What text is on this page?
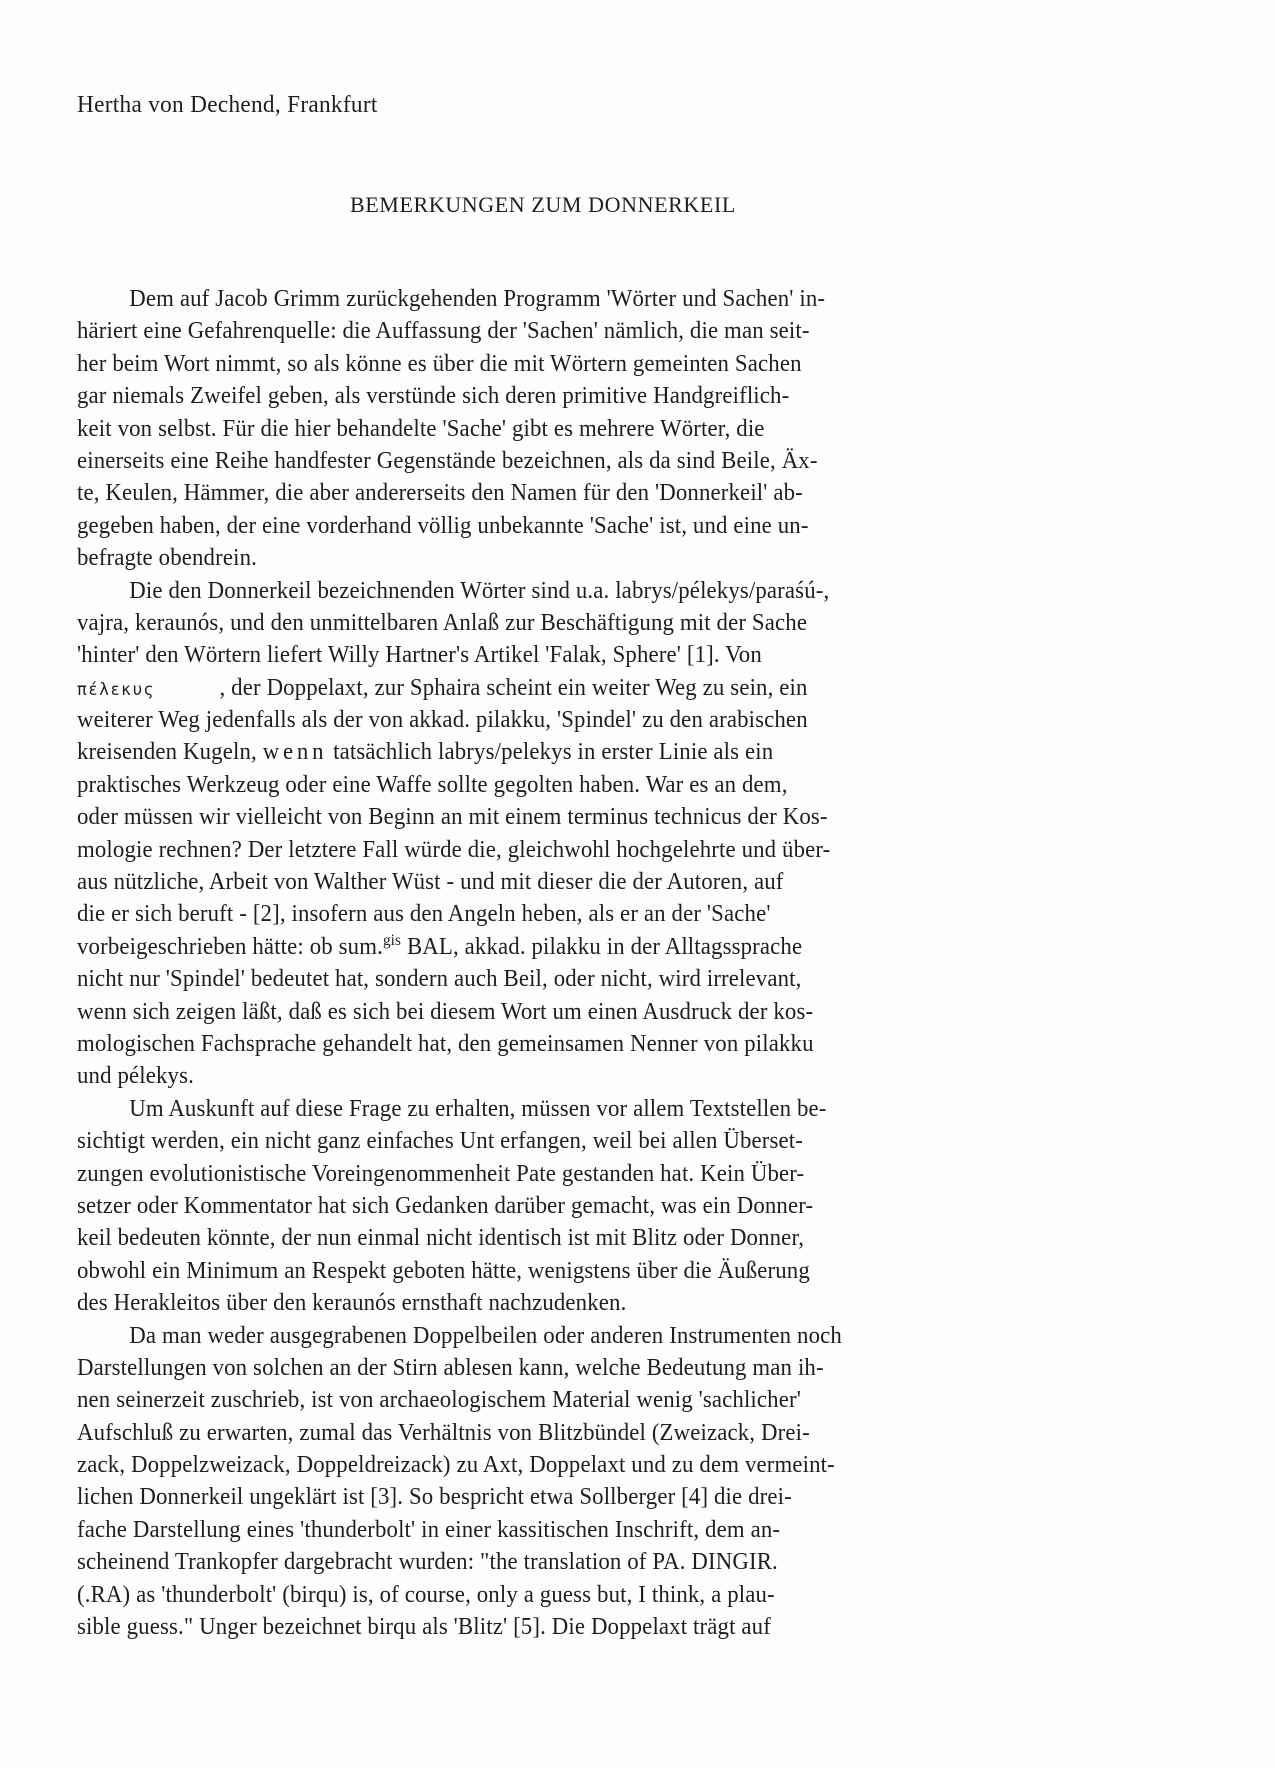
Hertha von Dechend, Frankfurt
BEMERKUNGEN ZUM DONNERKEIL
Dem auf Jacob Grimm zurückgehenden Programm 'Wörter und Sachen' in-
häriert eine Gefahrenquelle: die Auffassung der 'Sachen' nämlich, die man seit-
her beim Wort nimmt, so als könne es über die mit Wörtern gemeinten Sachen
gar niemals Zweifel geben, als verstünde sich deren primitive Handgreiflich-
keit von selbst. Für die hier behandelte 'Sache' gibt es mehrere Wörter, die
einerseits eine Reihe handfester Gegenstände bezeichnen, als da sind Beile, Äx-
te, Keulen, Hämmer, die aber andererseits den Namen für den 'Donnerkeil' ab-
gegeben haben, der eine vorderhand völlig unbekannte 'Sache' ist, und eine un-
befragte obendrein.
Die den Donnerkeil bezeichnenden Wörter sind u.a. labrys/pélekys/paraśú-,
vajra, keraunós, und den unmittelbaren Anlaß zur Beschäftigung mit der Sache
'hinter' den Wörtern liefert Willy Hartner's Artikel 'Falak, Sphere' [1]. Von
πέλεκυς	, der Doppelaxt, zur Sphaira scheint ein weiter Weg zu sein, ein
weiterer Weg jedenfalls als der von akkad. pilakku, 'Spindel' zu den arabischen
kreisenden Kugeln, wenn tatsächlich labrys/pelekys in erster Linie als ein
praktisches Werkzeug oder eine Waffe sollte gegolten haben. War es an dem,
oder müssen wir vielleicht von Beginn an mit einem terminus technicus der Kos-
mologie rechnen? Der letztere Fall würde die, gleichwohl hochgelehrte und über-
aus nützliche, Arbeit von Walther Wüst - und mit dieser die der Autoren, auf
die er sich beruft - [2], insofern aus den Angeln heben, als er an der 'Sache'
vorbeigeschrieben hätte: ob sum.$^{gis}$ BAL, akkad. pilakku in der Alltagssprache
nicht nur 'Spindel' bedeutet hat, sondern auch Beil, oder nicht, wird irrelevant,
wenn sich zeigen läßt, daß es sich bei diesem Wort um einen Ausdruck der kos-
mologischen Fachsprache gehandelt hat, den gemeinsamen Nenner von pilakku
und pélekys.
Um Auskunft auf diese Frage zu erhalten, müssen vor allem Textstellen be-
sichtigt werden, ein nicht ganz einfaches Unt erfangen, weil bei allen Überset-
zungen evolutionistische Voreingenommenheit Pate gestanden hat. Kein Über-
setzer oder Kommentator hat sich Gedanken darüber gemacht, was ein Donner-
keil bedeuten könnte, der nun einmal nicht identisch ist mit Blitz oder Donner,
obwohl ein Minimum an Respekt geboten hätte, wenigstens über die Äußerung
des Herakleitos über den keraunós ernsthaft nachzudenken.
Da man weder ausgegrabenen Doppelbeilen oder anderen Instrumenten noch
Darstellungen von solchen an der Stirn ablesen kann, welche Bedeutung man ih-
nen seinerzeit zuschrieb, ist von archaeologischem Material wenig 'sachlicher'
Aufschluß zu erwarten, zumal das Verhältnis von Blitzbündel (Zweizack, Drei-
zack, Doppelzweizack, Doppeldreizack) zu Axt, Doppelaxt und zu dem vermeint-
lichen Donnerkeil ungeklärt ist [3]. So bespricht etwa Sollberger [4] die drei-
fache Darstellung eines 'thunderbolt' in einer kassitischen Inschrift, dem an-
scheinend Trankopfer dargebracht wurden: "the translation of PA. DINGIR.
(.RA) as 'thunderbolt' (birqu) is, of course, only a guess but, I think, a plau-
sible guess." Unger bezeichnet birqu als 'Blitz' [5]. Die Doppelaxt trägt auf
